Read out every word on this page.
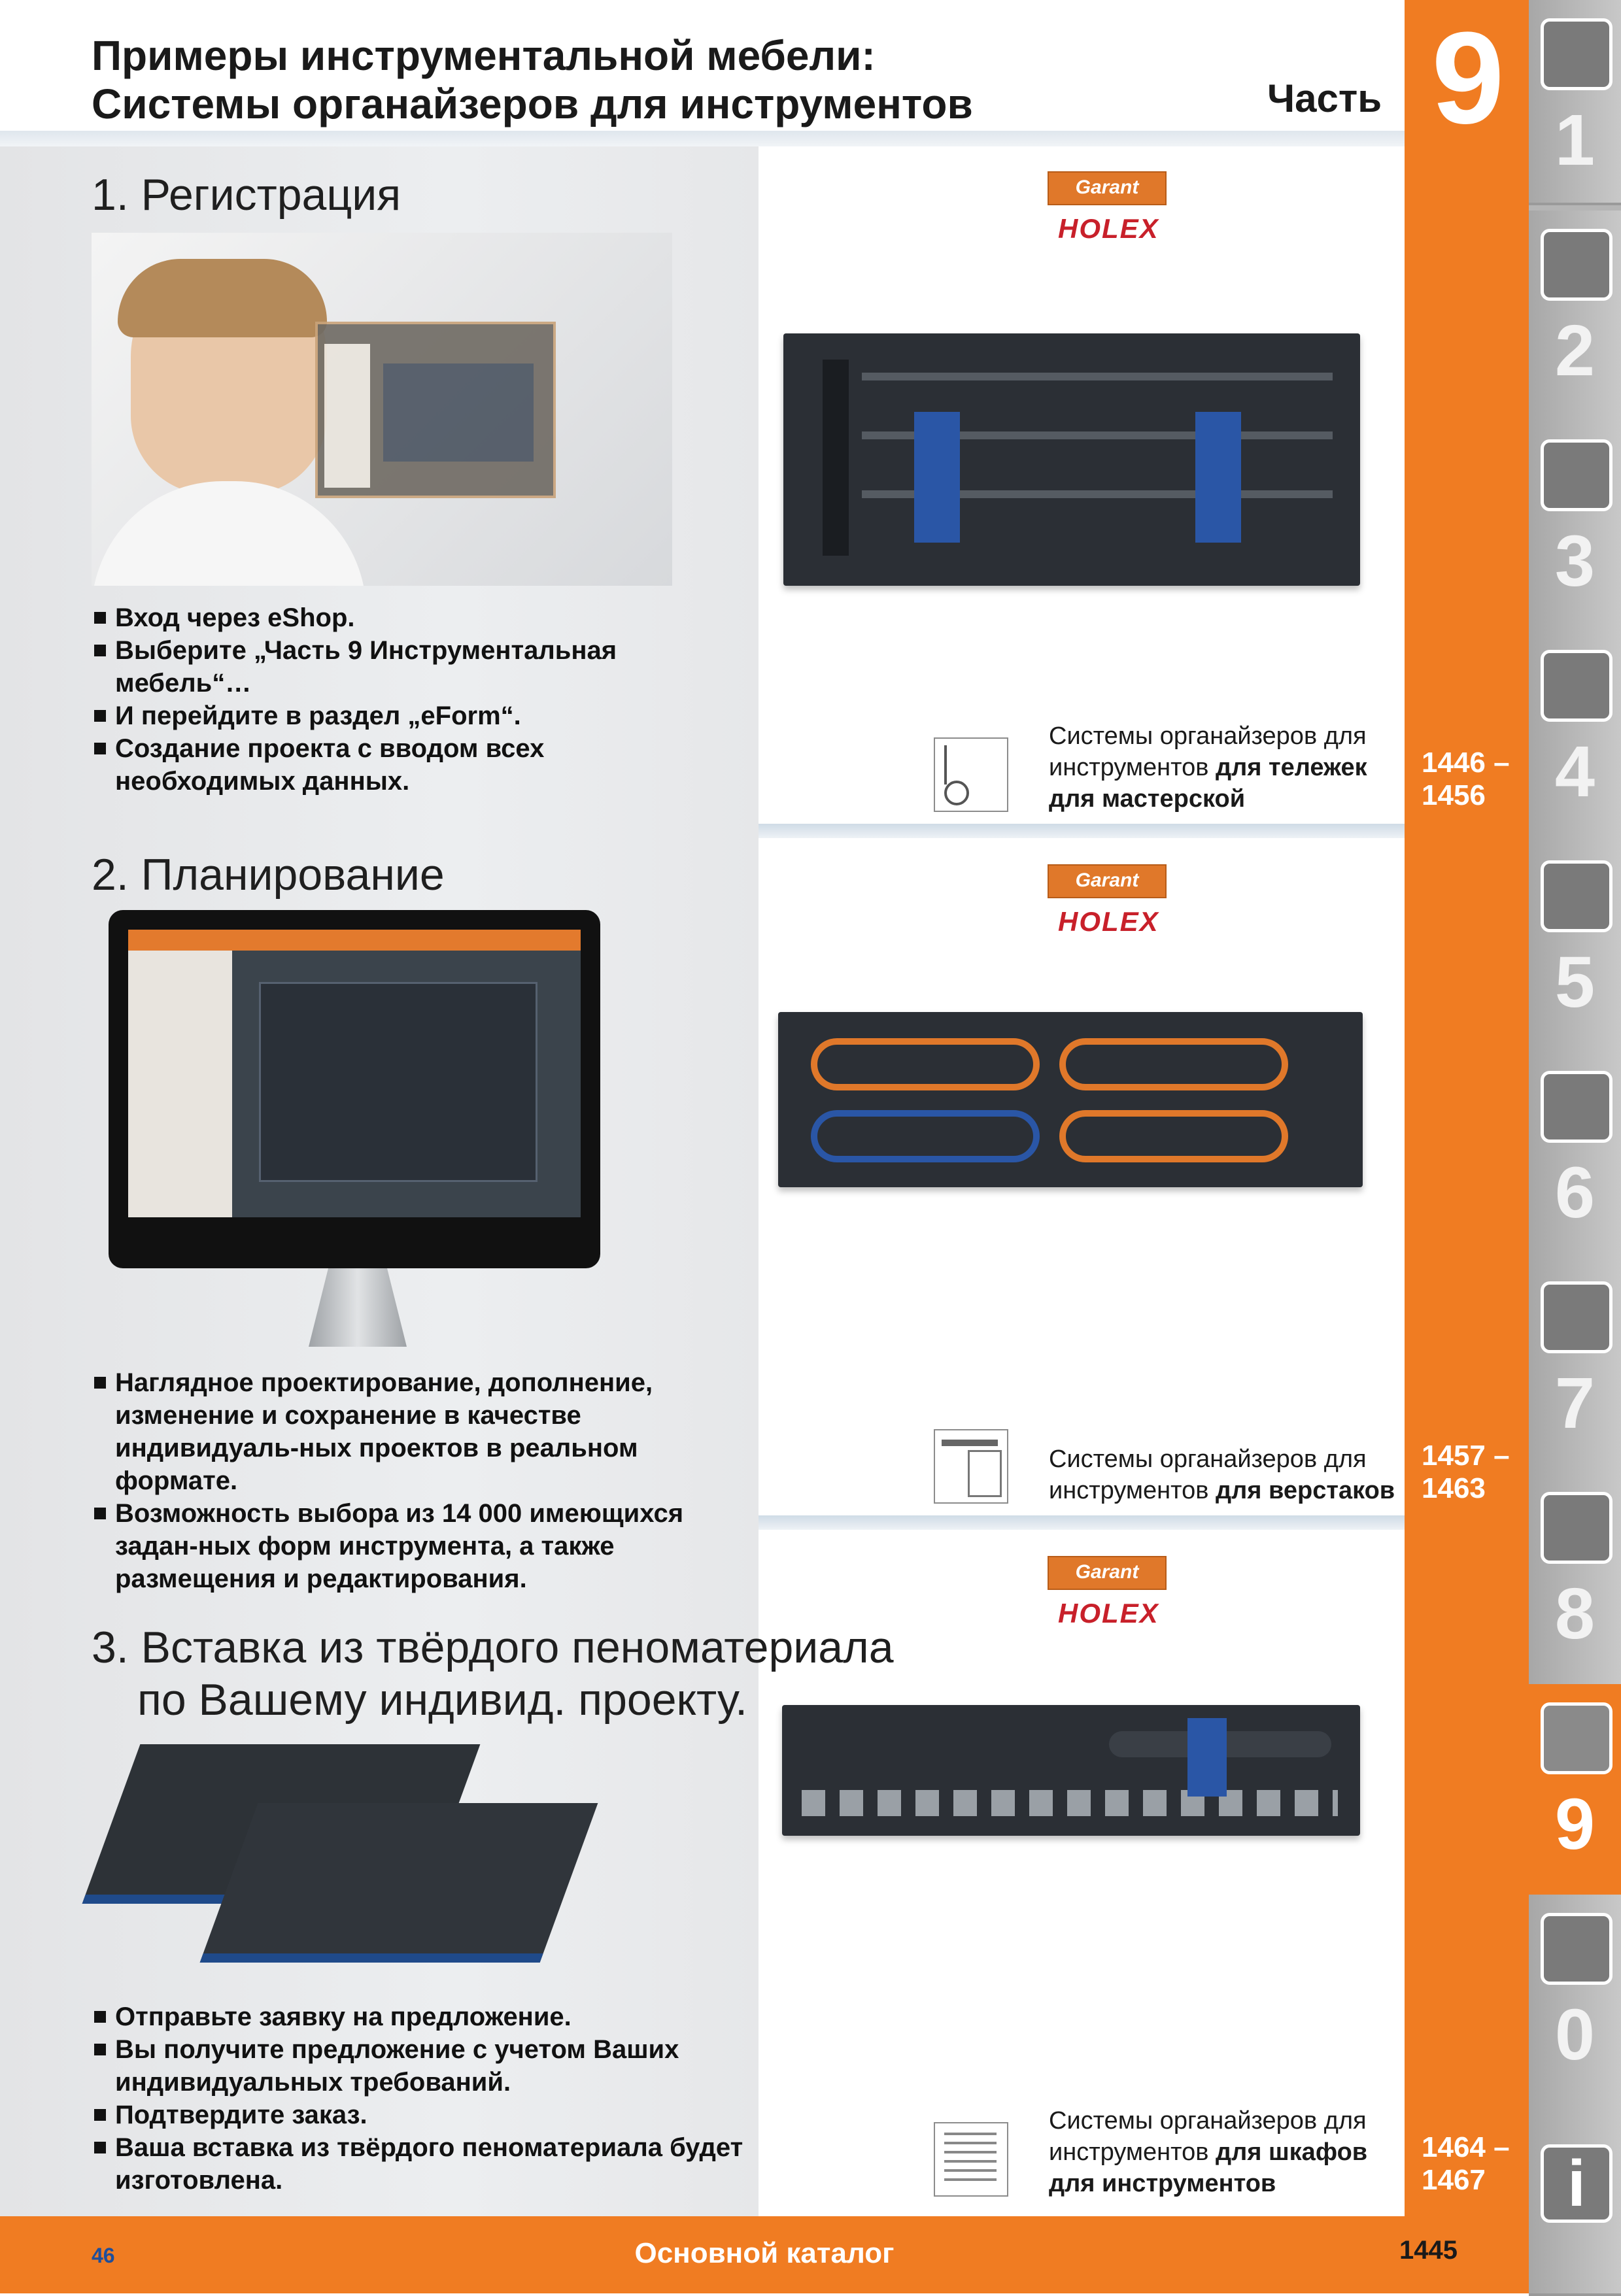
Примеры инструментальной мебели:
Системы органайзеров для инструментов	Часть
1. Регистрация
Вход через eShop.
Выберите „Часть 9 Инструментальная мебель“…
И перейдите в раздел „eForm“.
Создание проекта с вводом всех необходимых данных.
2. Планирование
Наглядное проектирование, дополнение, изменение и сохранение в качестве индивидуаль-ных проектов в реальном формате.
Возможность выбора из 14 000 имеющихся задан-ных форм инструмента, а также размещения и редактирования.
3. Вставка из твёрдого пеноматериала
по Вашему индивид. проекту.
Отправьте заявку на предложение.
Вы получите предложение с учетом Ваших индивидуальных требований.
Подтвердите заказ.
Ваша вставка из твёрдого пеноматериала будет изготовлена.
9
Garant
HOLEX
Системы органайзеров для инструментов для тележек для мастерской
1446 –
1456
Garant
HOLEX
Системы органайзеров для инструментов для верстаков
1457 –
1463
Garant
HOLEX
Системы органайзеров для инструментов для шкафов для инструментов
1464 –
1467
1
2
3
4
5
6
7
8
9
0
i
46	Основной каталог	1445
